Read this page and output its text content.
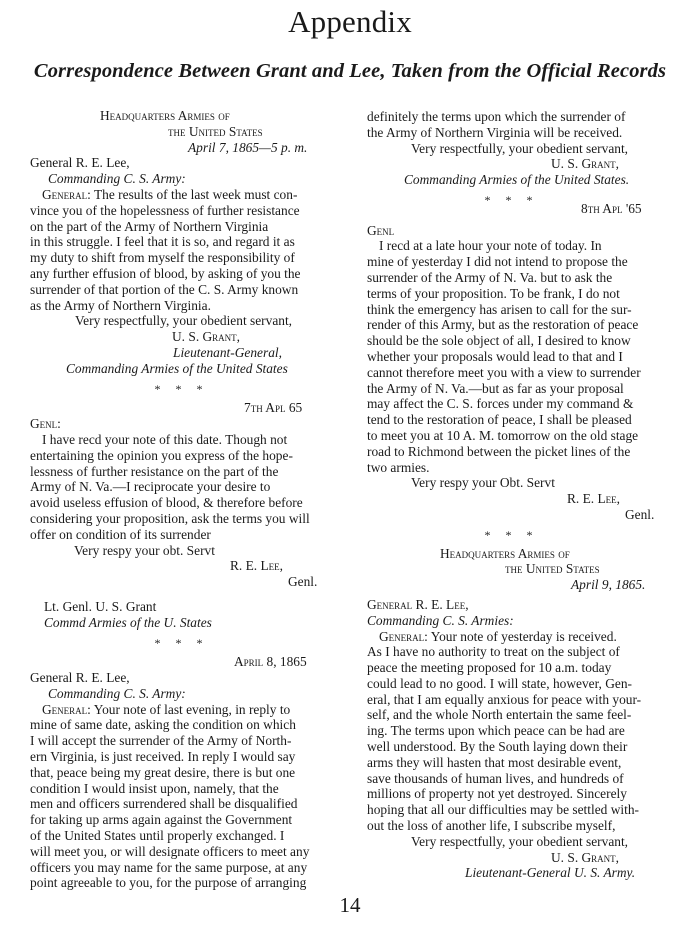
Appendix
Correspondence Between Grant and Lee, Taken from the Official Records
Headquarters Armies of
the United States
April 7, 1865—5 p. m.
General R. E. Lee,
Commanding C. S. Army:
General: The results of the last week must con-
vince you of the hopelessness of further resistance
on the part of the Army of Northern Virginia
in this struggle. I feel that it is so, and regard it as
my duty to shift from myself the responsibility of
any further effusion of blood, by asking of you the
surrender of that portion of the C. S. Army known
as the Army of Northern Virginia.
Very respectfully, your obedient servant,
U. S. Grant,
Lieutenant-General,
Commanding Armies of the United States
* * *
7th Apl 65
Genl:
I have recd your note of this date. Though not
entertaining the opinion you express of the hope-
lessness of further resistance on the part of the
Army of N. Va.—I reciprocate your desire to
avoid useless effusion of blood, & therefore before
considering your proposition, ask the terms you will
offer on condition of its surrender
Very respy your obt. Servt
R. E. Lee,
Genl.
Lt. Genl. U. S. Grant
Commd Armies of the U. States
* * *
April 8, 1865
General R. E. Lee,
Commanding C. S. Army:
General: Your note of last evening, in reply to
mine of same date, asking the condition on which
I will accept the surrender of the Army of North-
ern Virginia, is just received. In reply I would say
that, peace being my great desire, there is but one
condition I would insist upon, namely, that the
men and officers surrendered shall be disqualified
for taking up arms again against the Government
of the United States until properly exchanged. I
will meet you, or will designate officers to meet any
officers you may name for the same purpose, at any
point agreeable to you, for the purpose of arranging
definitely the terms upon which the surrender of
the Army of Northern Virginia will be received.
Very respectfully, your obedient servant,
U. S. Grant,
Commanding Armies of the United States.
* * *
8th Apl '65
Genl
I recd at a late hour your note of today. In
mine of yesterday I did not intend to propose the
surrender of the Army of N. Va. but to ask the
terms of your proposition. To be frank, I do not
think the emergency has arisen to call for the sur-
render of this Army, but as the restoration of peace
should be the sole object of all, I desired to know
whether your proposals would lead to that and I
cannot therefore meet you with a view to surrender
the Army of N. Va.—but as far as your proposal
may affect the C. S. forces under my command &
tend to the restoration of peace, I shall be pleased
to meet you at 10 A. M. tomorrow on the old stage
road to Richmond between the picket lines of the
two armies.
Very respy your Obt. Servt
R. E. Lee,
Genl.
* * *
Headquarters Armies of
the United States
April 9, 1865.
General R. E. Lee,
Commanding C. S. Armies:
General: Your note of yesterday is received.
As I have no authority to treat on the subject of
peace the meeting proposed for 10 a.m. today
could lead to no good. I will state, however, Gen-
eral, that I am equally anxious for peace with your-
self, and the whole North entertain the same feel-
ing. The terms upon which peace can be had are
well understood. By the South laying down their
arms they will hasten that most desirable event,
save thousands of human lives, and hundreds of
millions of property not yet destroyed. Sincerely
hoping that all our difficulties may be settled with-
out the loss of another life, I subscribe myself,
Very respectfully, your obedient servant,
U. S. Grant,
Lieutenant-General U. S. Army.
14
